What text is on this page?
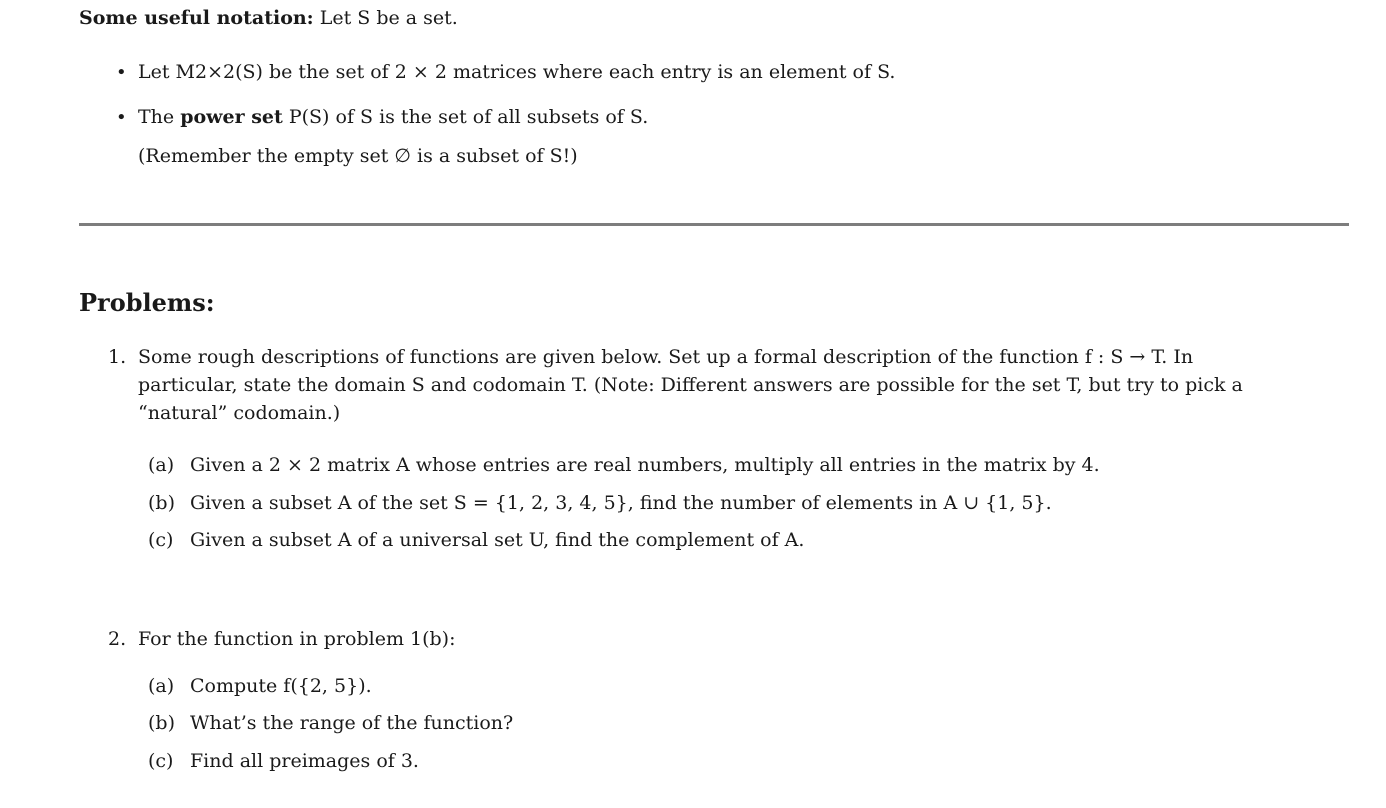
Some useful notation: Let S be a set.
• Let M2×2(S) be the set of 2 × 2 matrices where each entry is an element of S.
• The power set P(S) of S is the set of all subsets of S.
(Remember the empty set ∅ is a subset of S!)
Problems:
1. Some rough descriptions of functions are given below. Set up a formal description of the function f : S → T. In
particular, state the domain S and codomain T. (Note: Different answers are possible for the set T, but try to pick a
“natural” codomain.)
(a) Given a 2 × 2 matrix A whose entries are real numbers, multiply all entries in the matrix by 4.
(b) Given a subset A of the set S = {1, 2, 3, 4, 5}, find the number of elements in A ∪ {1, 5}.
(c) Given a subset A of a universal set U, find the complement of A.
2. For the function in problem 1(b):
(a) Compute f({2, 5}).
(b) What’s the range of the function?
(c) Find all preimages of 3.
